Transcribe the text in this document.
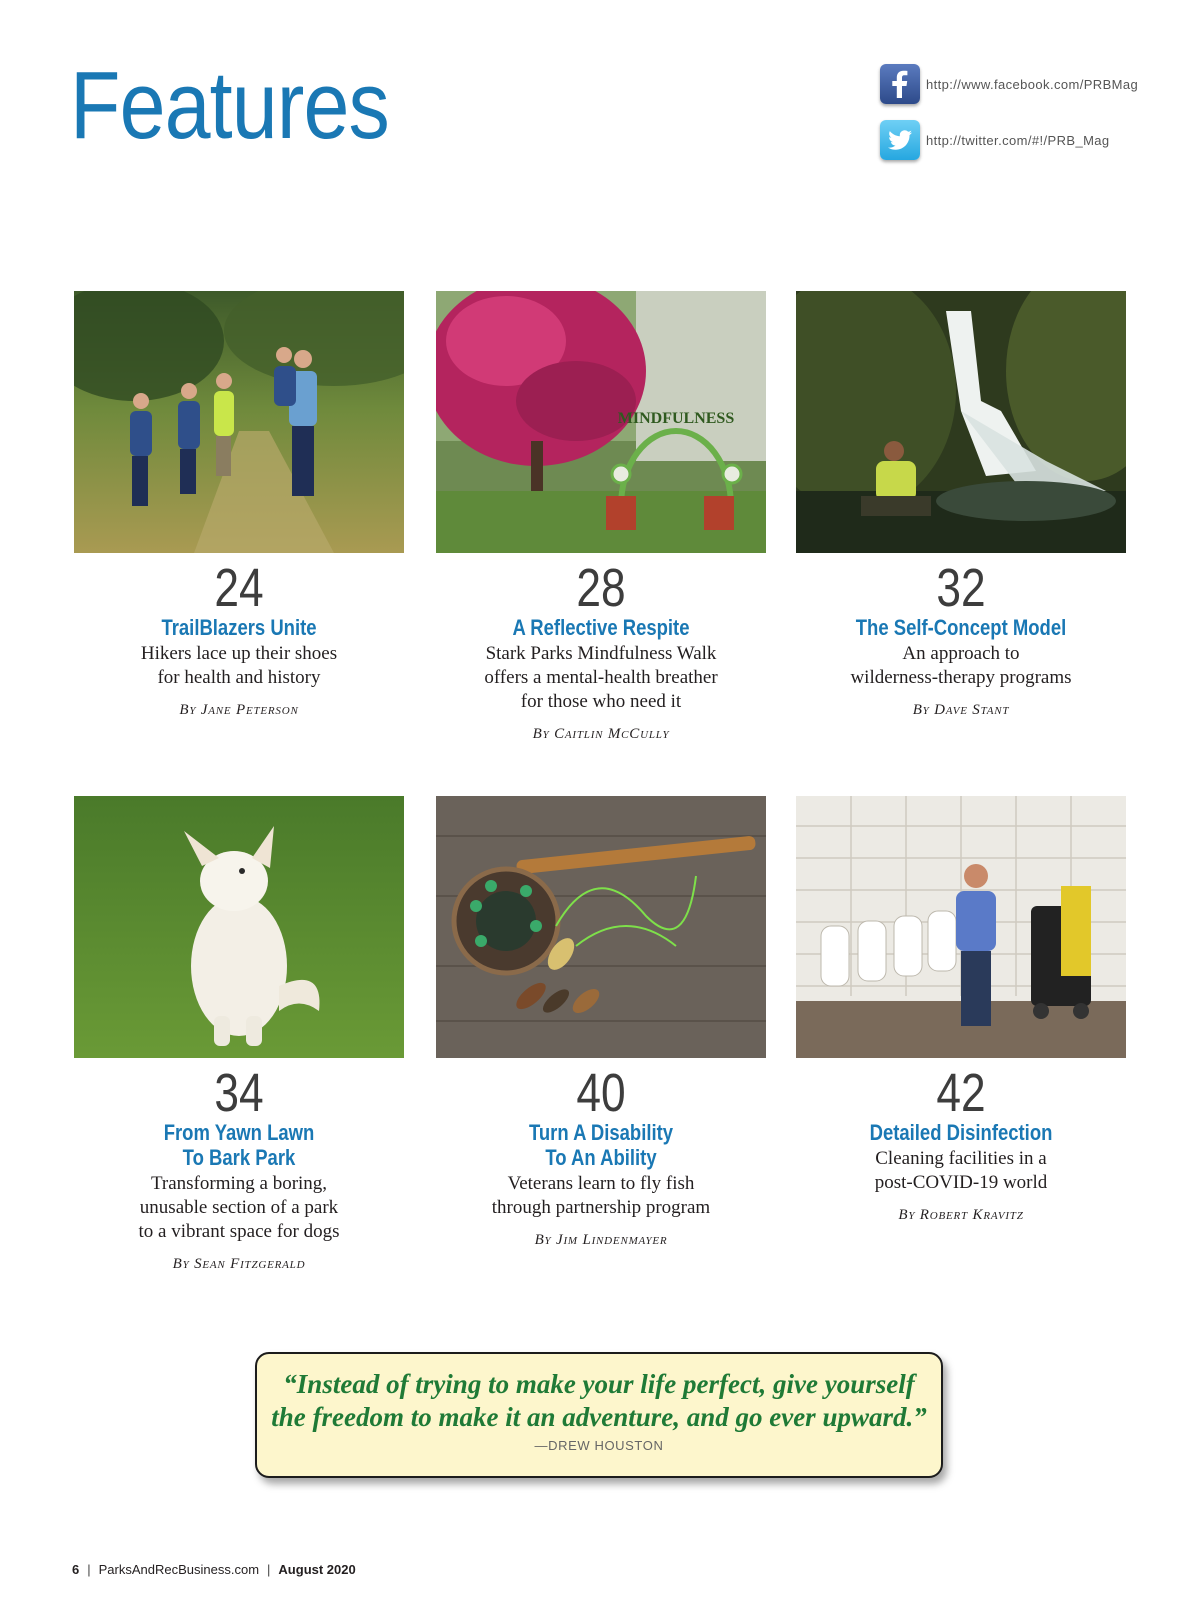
Features	http://www.facebook.com/PRBMag
http://twitter.com/#!/PRB_Mag
24
TrailBlazers Unite
Hikers lace up their shoes
for health and history
By Jane Peterson
MINDFULNESS
28
A Reflective Respite
Stark Parks Mindfulness Walk
offers a mental-health breather
for those who need it
By Caitlin McCully
32
The Self-Concept Model
An approach to
wilderness-therapy programs
By Dave Stant
34
From Yawn Lawn
To Bark Park
Transforming a boring,
unusable section of a park
to a vibrant space for dogs
By Sean Fitzgerald
40
Turn A Disability
To An Ability
Veterans learn to fly fish
through partnership program
By Jim Lindenmayer
42
Detailed Disinfection
Cleaning facilities in a
post-COVID-19 world
By Robert Kravitz
“Instead of trying to make your life perfect, give yourself
the freedom to make it an adventure, and go ever upward.”
—DREW HOUSTON
6 | ParksAndRecBusiness.com | August 2020
